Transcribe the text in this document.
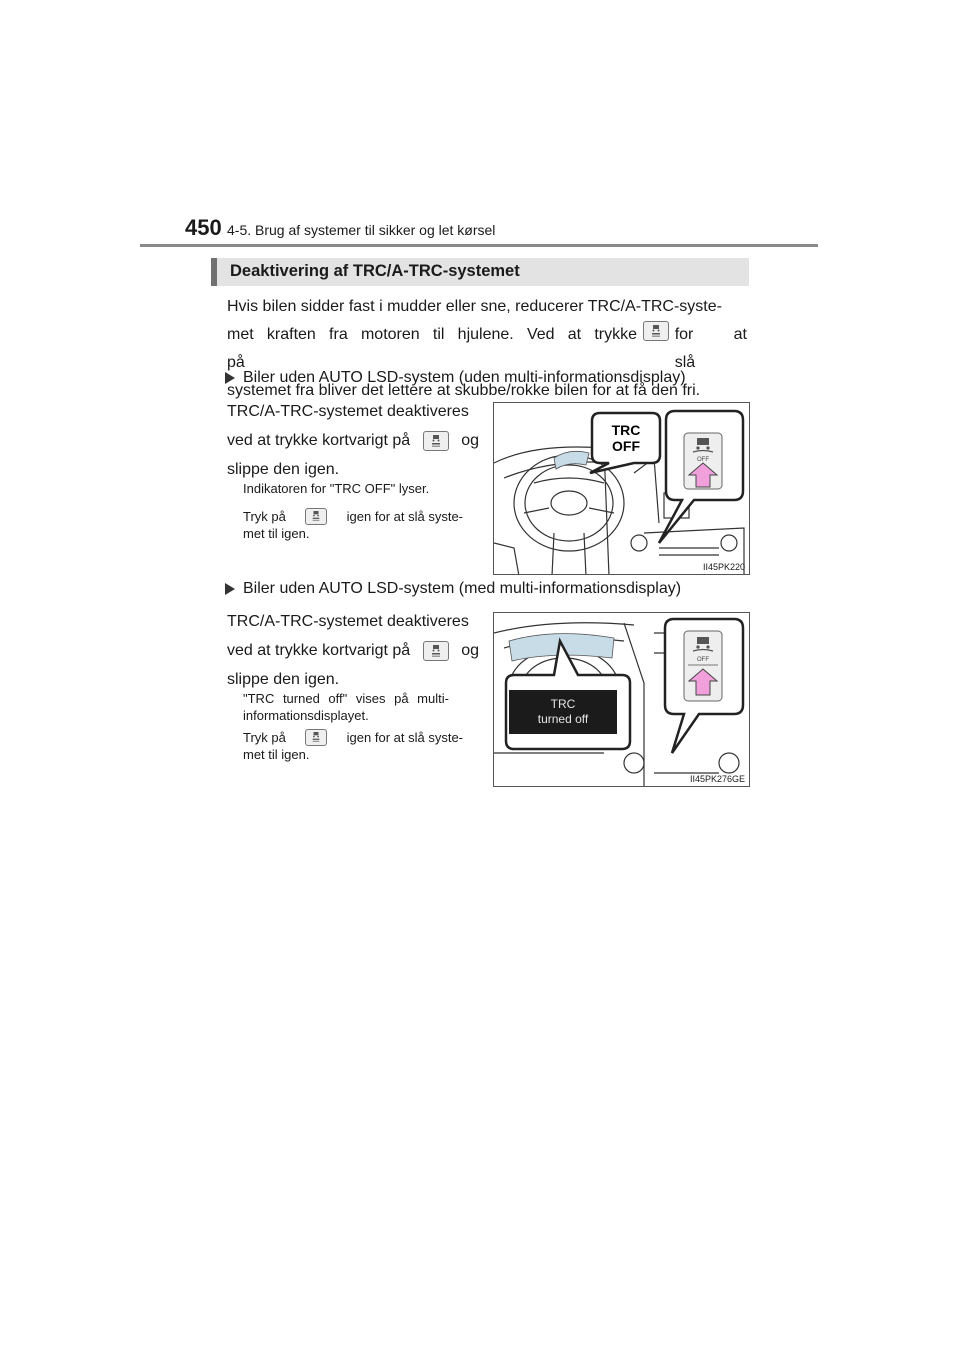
450 4-5. Brug af systemer til sikker og let kørsel
Deaktivering af TRC/A-TRC-systemet
Hvis bilen sidder fast i mudder eller sne, reducerer TRC/A-TRC-syste-
met kraften fra motoren til hjulene. Ved at trykke på
for at slå
systemet fra bliver det lettere at skubbe/rokke bilen for at få den fri.
Biler uden AUTO LSD-system (uden multi-informationsdisplay)
TRC/A-TRC-systemet deaktiveres
ved at trykke kortvarigt på	og
slippe den igen.
Indikatoren for "TRC OFF" lyser.
Tryk på	igen for at slå syste-
met til igen.
TRC
OFF
OFF
II45PK220
Biler uden AUTO LSD-system (med multi-informationsdisplay)
TRC/A-TRC-systemet deaktiveres
ved at trykke kortvarigt på	og
slippe den igen.
"TRC turned off" vises på multi-
informationsdisplayet.
Tryk på	igen for at slå syste-
met til igen.
OFF
II45PK276GE
TRC
turned off
